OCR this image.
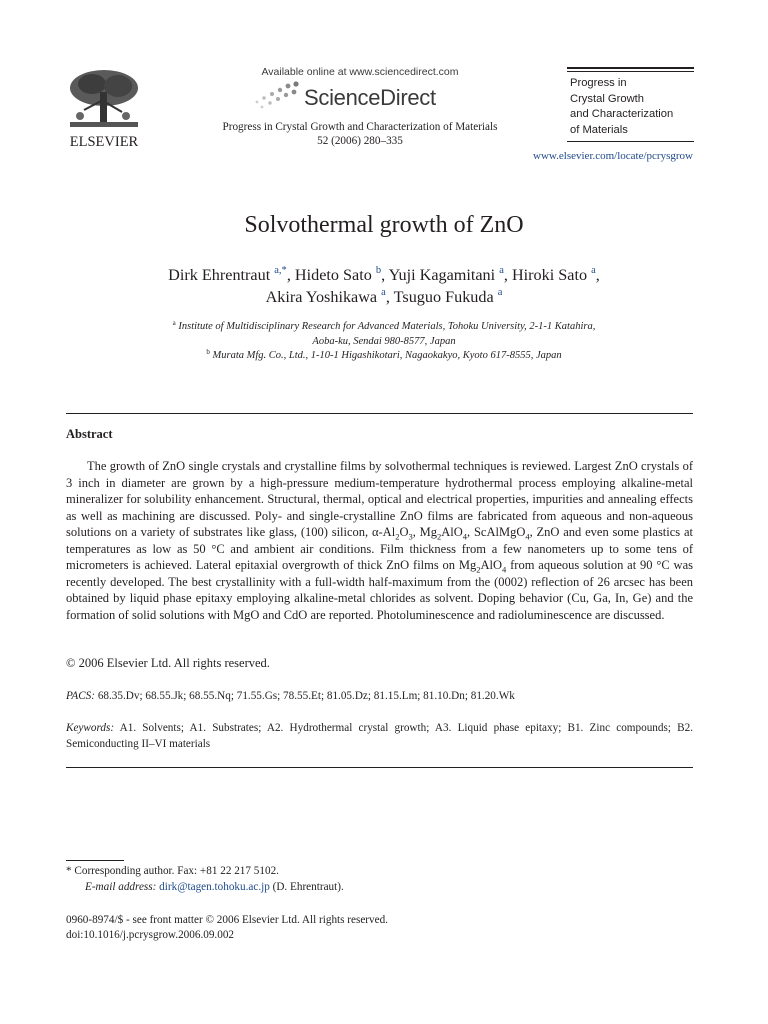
ELSEVIER
Available online at www.sciencedirect.com
ScienceDirect
Progress in Crystal Growth and Characterization of Materials
52 (2006) 280–335
Progress in
Crystal Growth
and Characterization
of Materials
www.elsevier.com/locate/pcrysgrow
Solvothermal growth of ZnO
Dirk Ehrentraut $^{a,*}$, Hideto Sato $^b$, Yuji Kagamitani $^a$, Hiroki Sato $^a$,
Akira Yoshikawa $^a$, Tsuguo Fukuda $^a$
$^a$ Institute of Multidisciplinary Research for Advanced Materials, Tohoku University, 2-1-1 Katahira,
Aoba-ku, Sendai 980-8577, Japan
$^b$ Murata Mfg. Co., Ltd., 1-10-1 Higashikotari, Nagaokakyo, Kyoto 617-8555, Japan
Abstract

The growth of ZnO single crystals and crystalline films by solvothermal techniques is reviewed. Largest ZnO crystals of 3 inch in diameter are grown by a high-pressure medium-temperature hydrothermal process employing alkaline-metal mineralizer for solubility enhancement. Structural, thermal, optical and electrical properties, impurities and annealing effects as well as machining are discussed. Poly- and single-crystalline ZnO films are fabricated from aqueous and non-aqueous solutions on a variety of substrates like glass, (100) silicon, $\alpha-Al_2O_3$, $Mg_2AlO_4$, ScAlMgO$_4$, ZnO and even some plastics at temperatures as low as 50 °C and ambient air conditions. Film thickness from a few nanometers up to some tens of micrometers is achieved. Lateral epitaxial overgrowth of thick ZnO films on $Mg_2AlO_4$ from aqueous solution at 90 °C was recently developed. The best crystallinity with a full-width half-maximum from the (0002) reflection of 26 arcsec has been obtained by liquid phase epitaxy employing alkaline-metal chlorides as solvent. Doping behavior (Cu, Ga, In, Ge) and the formation of solid solutions with MgO and CdO are reported. Photoluminescence and radioluminescence are discussed.

© 2006 Elsevier Ltd. All rights reserved.
PACS: 68.35.Dv; 68.55.Jk; 68.55.Nq; 71.55.Gs; 78.55.Et; 81.05.Dz; 81.15.Lm; 81.10.Dn; 81.20.Wk
Keywords: A1. Solvents; A1. Substrates; A2. Hydrothermal crystal growth; A3. Liquid phase epitaxy; B1. Zinc compounds; B2. Semiconducting II–VI materials
* Corresponding author. Fax: +81 22 217 5102.
E-mail address: dirk@tagen.tohoku.ac.jp (D. Ehrentraut).
0960-8974/$ - see front matter © 2006 Elsevier Ltd. All rights reserved.
doi:10.1016/j.pcrysgrow.2006.09.002
